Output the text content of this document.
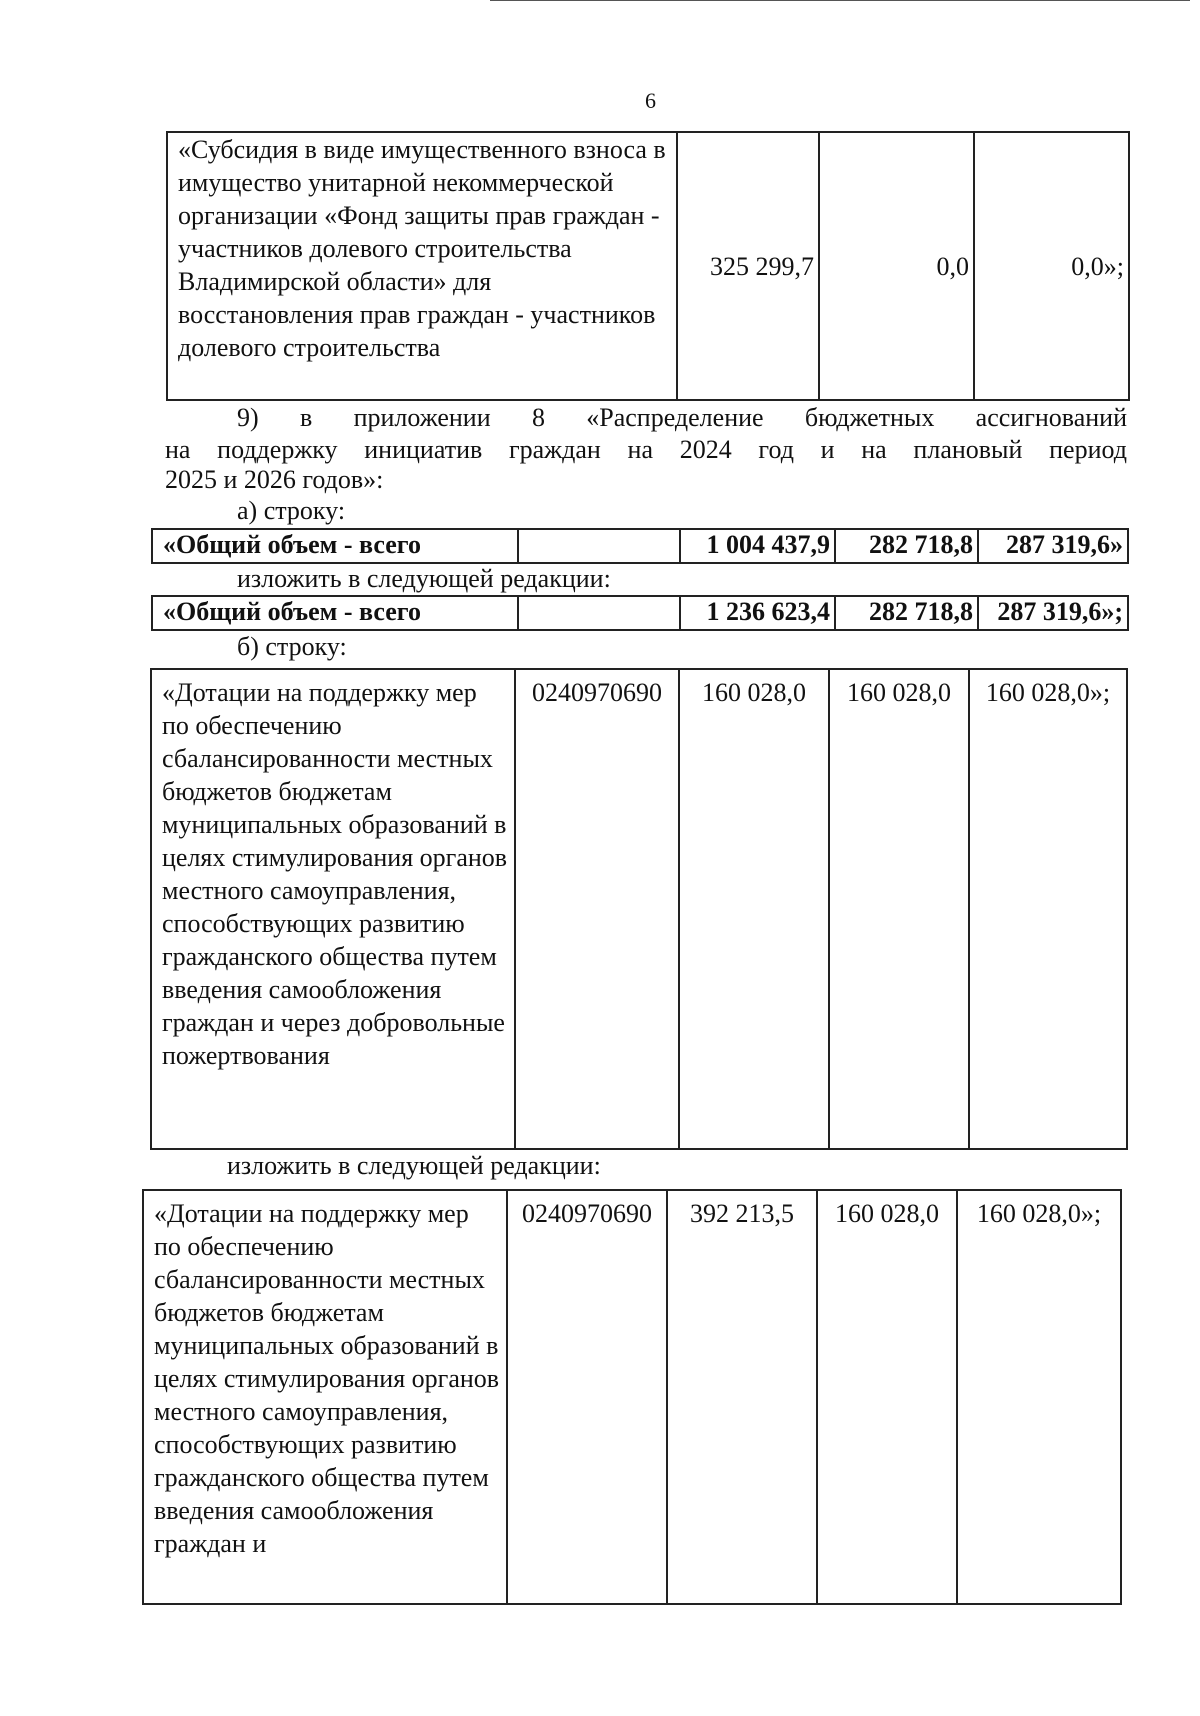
6
«Субсидия в виде имущественного взноса в имущество унитарной некоммерческой организации «Фонд защиты прав граждан - участников долевого строительства Владимирской области» для восстановления прав граждан - участников долевого строительства	325 299,7	0,0	0,0»;
9) в приложении 8 «Распределение бюджетных ассигнований
на поддержку инициатив граждан на 2024 год и на плановый период
2025 и 2026 годов»:
а) строку:
«Общий объем - всего		1 004 437,9	282 718,8	287 319,6»
изложить в следующей редакции:
«Общий объем - всего		1 236 623,4	282 718,8	287 319,6»;
б) строку:
«Дотации на поддержку мер по обеспечению сбалансированности местных бюджетов бюджетам муниципальных образований в целях стимулирования органов местного самоуправления, способствующих развитию гражданского общества путем введения самообложения граждан и через добровольные пожертвования	0240970690	160 028,0	160 028,0	160 028,0»;
изложить в следующей редакции:
«Дотации на поддержку мер по обеспечению сбалансированности местных бюджетов бюджетам муниципальных образований в целях стимулирования органов местного самоуправления, способствующих развитию гражданского общества путем введения самообложения граждан и	0240970690	392 213,5	160 028,0	160 028,0»;
